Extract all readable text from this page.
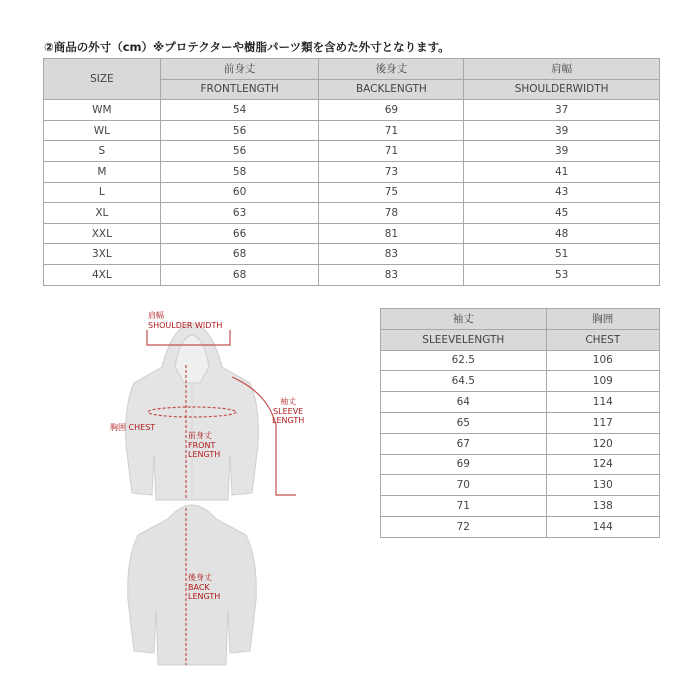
②商品の外寸（cm）※プロテクターや樹脂パーツ類を含めた外寸となります。
SIZE	前身丈	後身丈	肩幅
	FRONTLENGTH	BACKLENGTH	SHOULDERWIDTH
WM	54	69	37
WL	56	71	39
S	56	71	39
M	58	73	41
L	60	75	43
XL	63	78	45
XXL	66	81	48
3XL	68	83	51
4XL	68	83	53
袖丈	胸囲
SLEEVELENGTH	CHEST
62.5	106
64.5	109
64	114
65	117
67	120
69	124
70	130
71	138
72	144
肩幅
SHOULDER WIDTH
袖丈
SLEEVE
LENGTH
胸囲 CHEST
前身丈
FRONT
LENGTH
後身丈
BACK
LENGTH
